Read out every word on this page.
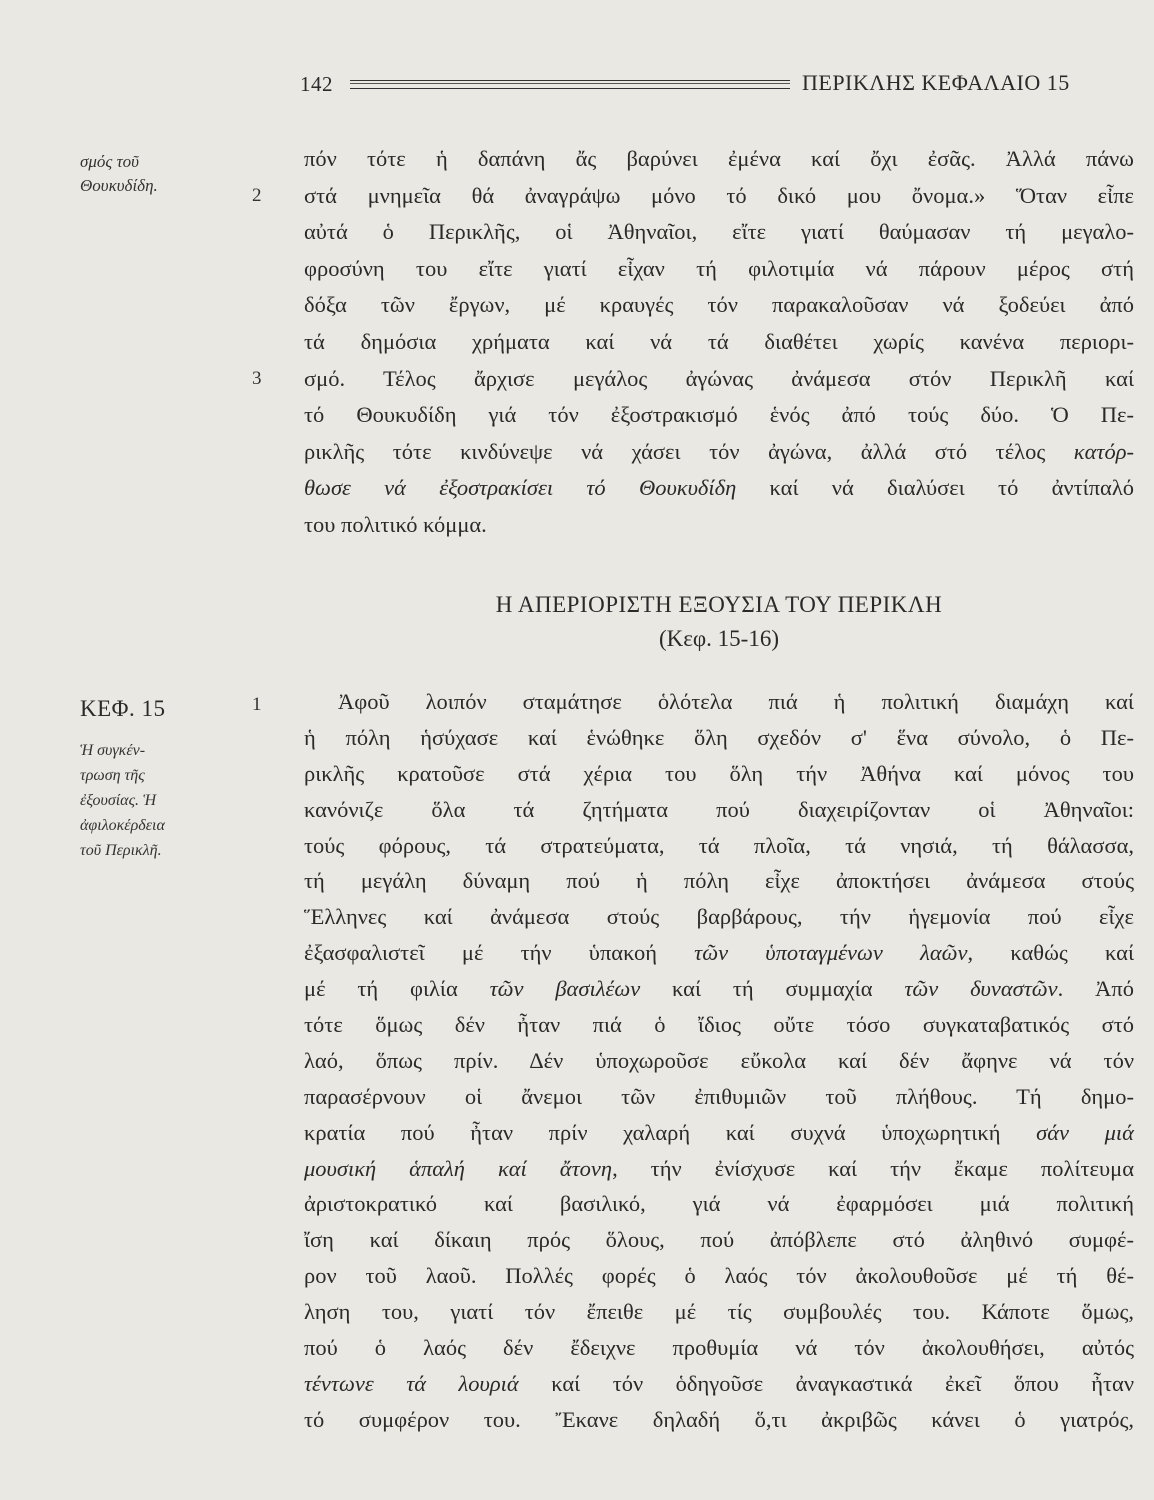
142	ΠΕΡΙΚΛΗΣ ΚΕΦΑΛΑΙΟ 15
σμός τοῦ
Θουκυδίδη.
ΚΕΦ. 15
Ἡ συγκέν-
τρωση τῆς
ἐξουσίας. Ἡ
ἀφιλοκέρδεια
τοῦ Περικλῆ.
2
3
1
πόν τότε ἡ δαπάνη ἄς βαρύνει ἐμένα καί ὄχι ἐσᾶς. Ἀλλά πάνω
στά μνημεῖα θά ἀναγράψω μόνο τό δικό μου ὄνομα.» Ὅταν εἶπε
αὐτά ὁ Περικλῆς, οἱ Ἀθηναῖοι, εἴτε γιατί θαύμασαν τή μεγαλο-
φροσύνη του εἴτε γιατί εἶχαν τή φιλοτιμία νά πάρουν μέρος στή
δόξα τῶν ἔργων, μέ κραυγές τόν παρακαλοῦσαν νά ξοδεύει ἀπό
τά δημόσια χρήματα καί νά τά διαθέτει χωρίς κανένα περιορι-
σμό. Τέλος ἄρχισε μεγάλος ἀγώνας ἀνάμεσα στόν Περικλῆ καί
τό Θουκυδίδη γιά τόν ἐξοστρακισμό ἑνός ἀπό τούς δύο. Ὁ Πε-
ρικλῆς τότε κινδύνεψε νά χάσει τόν ἀγώνα, ἀλλά στό τέλος κατόρ-
θωσε νά ἐξοστρακίσει τό Θουκυδίδη καί νά διαλύσει τό ἀντίπαλό
του πολιτικό κόμμα.
Η ΑΠΕΡΙΟΡΙΣΤΗ ΕΞΟΥΣΙΑ ΤΟΥ ΠΕΡΙΚΛΗ
(Κεφ. 15-16)
Ἀφοῦ λοιπόν σταμάτησε ὁλότελα πιά ἡ πολιτική διαμάχη καί
ἡ πόλη ἡσύχασε καί ἑνώθηκε ὅλη σχεδόν σ' ἕνα σύνολο, ὁ Πε-
ρικλῆς κρατοῦσε στά χέρια του ὅλη τήν Ἀθήνα καί μόνος του
κανόνιζε ὅλα τά ζητήματα πού διαχειρίζονταν οἱ Ἀθηναῖοι:
τούς φόρους, τά στρατεύματα, τά πλοῖα, τά νησιά, τή θάλασσα,
τή μεγάλη δύναμη πού ἡ πόλη εἶχε ἀποκτήσει ἀνάμεσα στούς
Ἕλληνες καί ἀνάμεσα στούς βαρβάρους, τήν ἡγεμονία πού εἶχε
ἐξασφαλιστεῖ μέ τήν ὑπακοή τῶν ὑποταγμένων λαῶν, καθώς καί
μέ τή φιλία τῶν βασιλέων καί τή συμμαχία τῶν δυναστῶν. Ἀπό
τότε ὅμως δέν ἦταν πιά ὁ ἴδιος οὔτε τόσο συγκαταβατικός στό
λαό, ὅπως πρίν. Δέν ὑποχωροῦσε εὔκολα καί δέν ἄφηνε νά τόν
παρασέρνουν οἱ ἄνεμοι τῶν ἐπιθυμιῶν τοῦ πλήθους. Τή δημο-
κρατία πού ἦταν πρίν χαλαρή καί συχνά ὑποχωρητική σάν μιά
μουσική ἁπαλή καί ἄτονη, τήν ἐνίσχυσε καί τήν ἔκαμε πολίτευμα
ἀριστοκρατικό καί βασιλικό, γιά νά ἐφαρμόσει μιά πολιτική
ἴση καί δίκαιη πρός ὅλους, πού ἀπόβλεπε στό ἀληθινό συμφέ-
ρον τοῦ λαοῦ. Πολλές φορές ὁ λαός τόν ἀκολουθοῦσε μέ τή θέ-
ληση του, γιατί τόν ἔπειθε μέ τίς συμβουλές του. Κάποτε ὅμως,
πού ὁ λαός δέν ἔδειχνε προθυμία νά τόν ἀκολουθήσει, αὐτός
τέντωνε τά λουριά καί τόν ὁδηγοῦσε ἀναγκαστικά ἐκεῖ ὅπου ἦταν
τό συμφέρον του. Ἔκανε δηλαδή ὅ,τι ἀκριβῶς κάνει ὁ γιατρός,
